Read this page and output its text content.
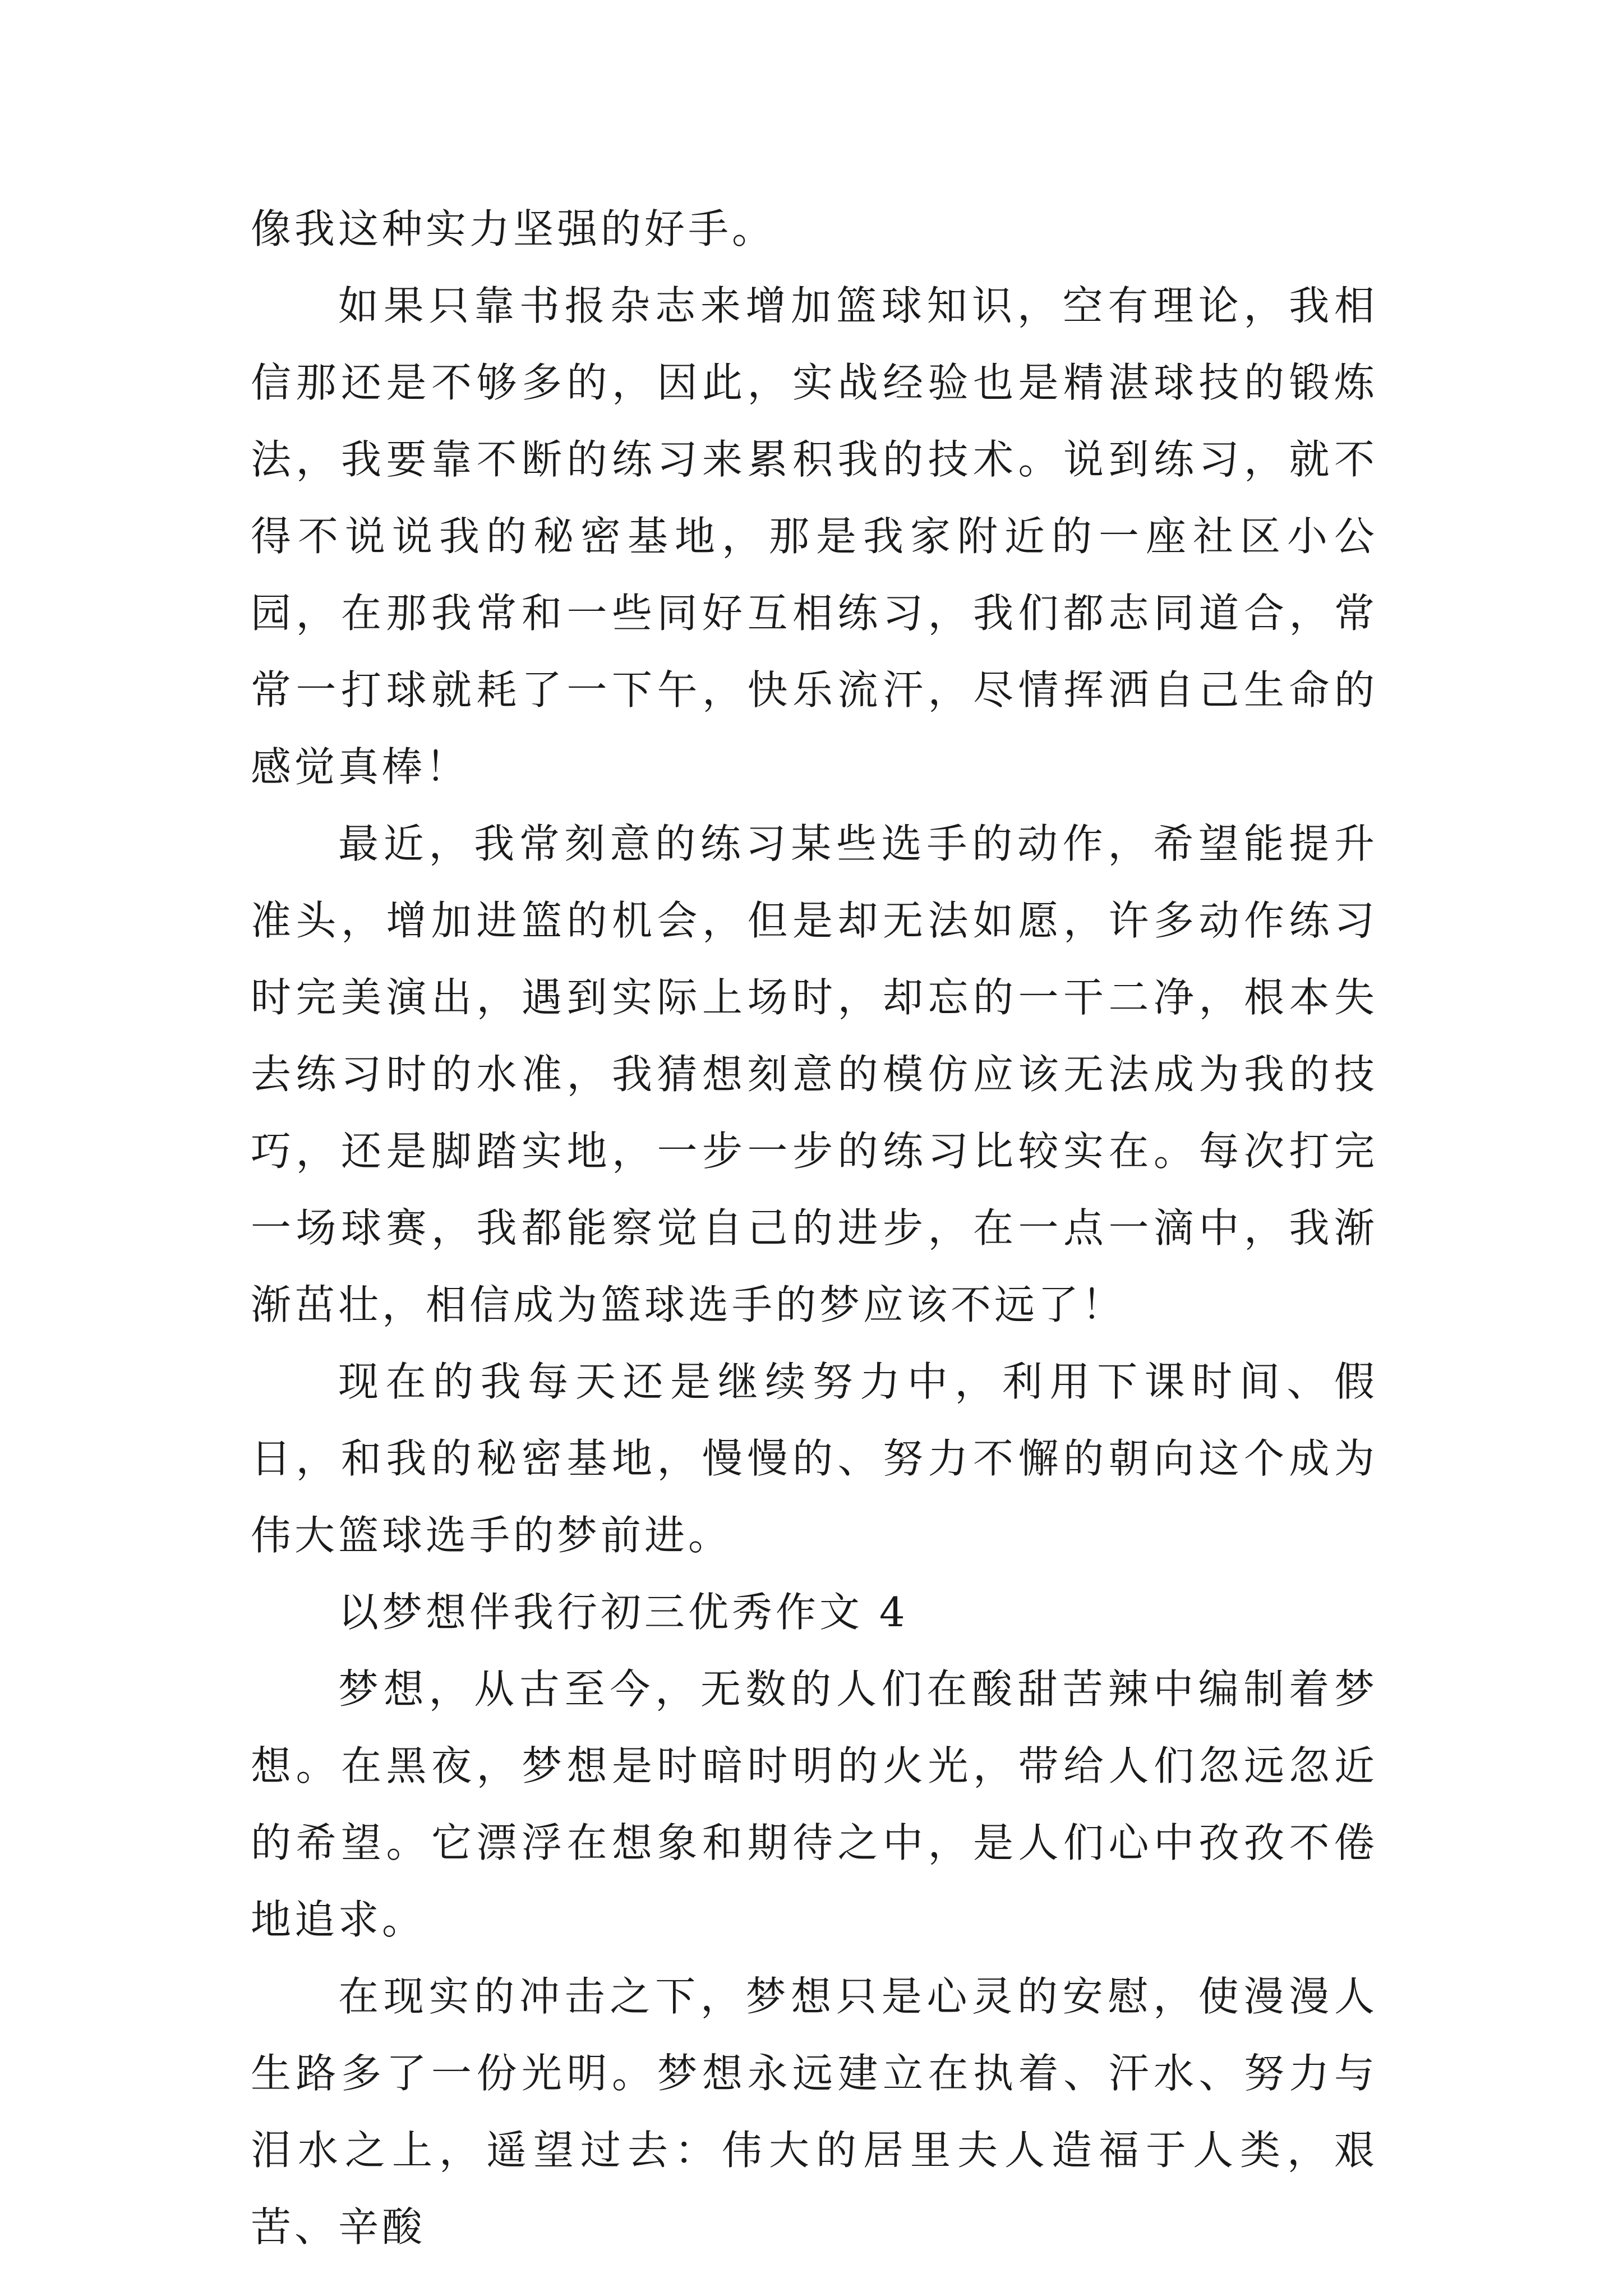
像我这种实力坚强的好手。

如果只靠书报杂志来增加篮球知识，空有理论，我相信那还是不够多的，因此，实战经验也是精湛球技的锻炼法，我要靠不断的练习来累积我的技术。说到练习，就不得不说说我的秘密基地，那是我家附近的一座社区小公园，在那我常和一些同好互相练习，我们都志同道合，常常一打球就耗了一下午，快乐流汗，尽情挥洒自己生命的感觉真棒！

最近，我常刻意的练习某些选手的动作，希望能提升准头，增加进篮的机会，但是却无法如愿，许多动作练习时完美演出，遇到实际上场时，却忘的一干二净，根本失去练习时的水准，我猜想刻意的模仿应该无法成为我的技巧，还是脚踏实地，一步一步的练习比较实在。每次打完一场球赛，我都能察觉自己的进步，在一点一滴中，我渐渐茁壮，相信成为篮球选手的梦应该不远了！

现在的我每天还是继续努力中，利用下课时间、假日，和我的秘密基地，慢慢的、努力不懈的朝向这个成为伟大篮球选手的梦前进。

以梦想伴我行初三优秀作文 4

梦想，从古至今，无数的人们在酸甜苦辣中编制着梦想。在黑夜，梦想是时暗时明的火光，带给人们忽远忽近的希望。它漂浮在想象和期待之中，是人们心中孜孜不倦地追求。

在现实的冲击之下，梦想只是心灵的安慰，使漫漫人生路多了一份光明。梦想永远建立在执着、汗水、努力与泪水之上，遥望过去：伟大的居里夫人造福于人类，艰苦、辛酸
